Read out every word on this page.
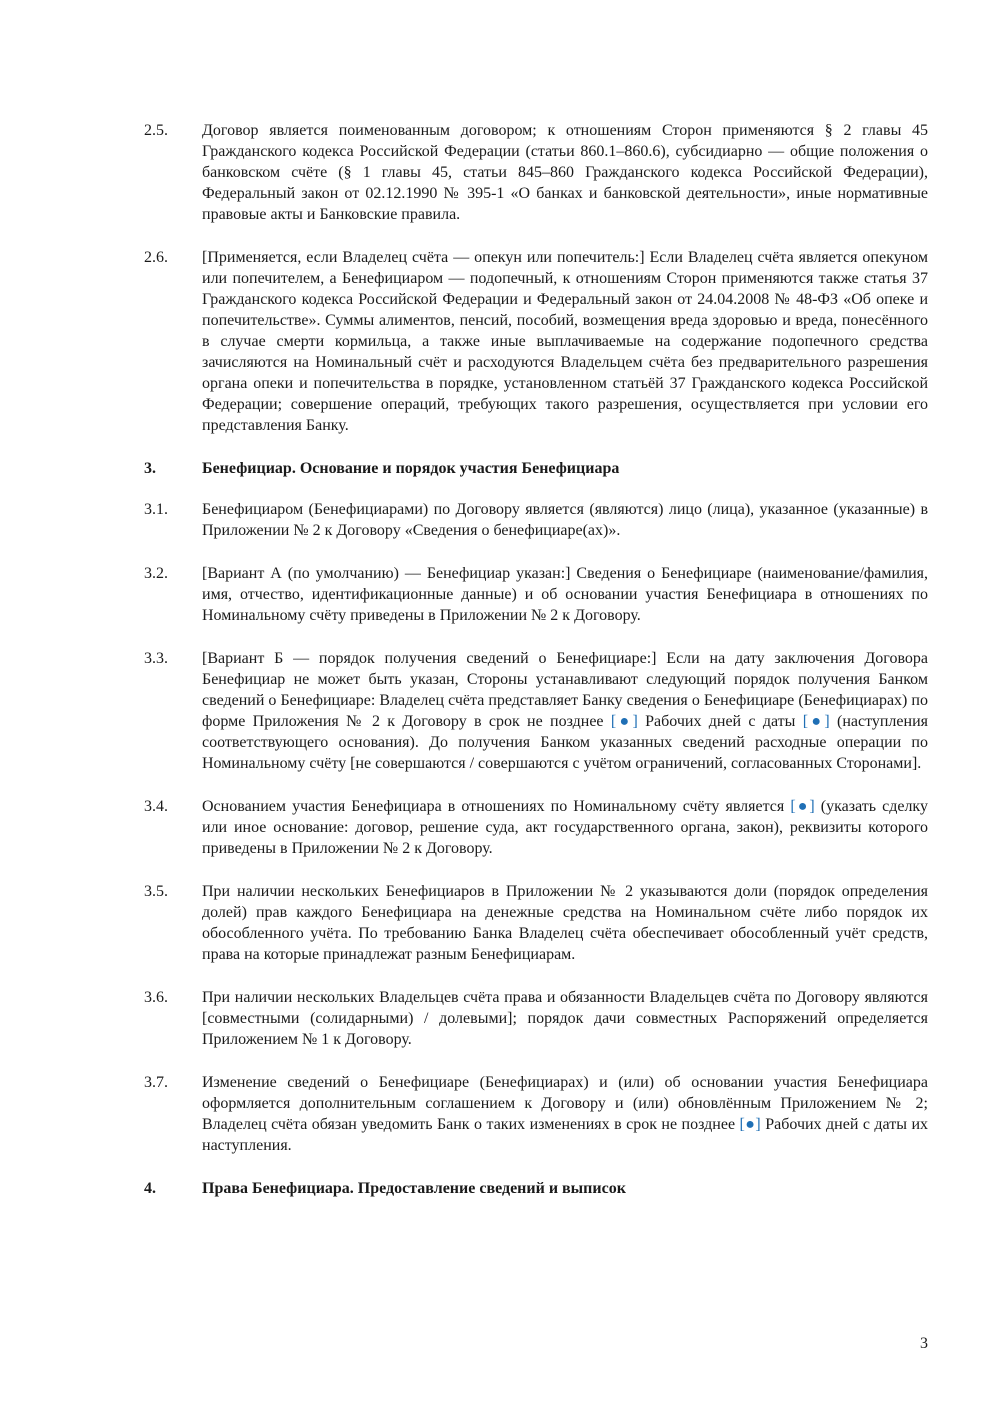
2.5.	Договор является поименованным договором; к отношениям Сторон применяются § 2 главы 45 Гражданского кодекса Российской Федерации (статьи 860.1–860.6), субсидиарно — общие положения о банковском счёте (§ 1 главы 45, статьи 845–860 Гражданского кодекса Российской Федерации), Федеральный закон от 02.12.1990 № 395-1 «О банках и банковской деятельности», иные нормативные правовые акты и Банковские правила.
2.6.	[Применяется, если Владелец счёта — опекун или попечитель:] Если Владелец счёта является опекуном или попечителем, а Бенефициаром — подопечный, к отношениям Сторон применяются также статья 37 Гражданского кодекса Российской Федерации и Федеральный закон от 24.04.2008 № 48-ФЗ «Об опеке и попечительстве». Суммы алиментов, пенсий, пособий, возмещения вреда здоровью и вреда, понесённого в случае смерти кормильца, а также иные выплачиваемые на содержание подопечного средства зачисляются на Номинальный счёт и расходуются Владельцем счёта без предварительного разрешения органа опеки и попечительства в порядке, установленном статьёй 37 Гражданского кодекса Российской Федерации; совершение операций, требующих такого разрешения, осуществляется при условии его представления Банку.
3.	Бенефициар. Основание и порядок участия Бенефициара
3.1.	Бенефициаром (Бенефициарами) по Договору является (являются) лицо (лица), указанное (указанные) в Приложении № 2 к Договору «Сведения о бенефициаре(ах)».
3.2.	[Вариант А (по умолчанию) — Бенефициар указан:] Сведения о Бенефициаре (наименование/фамилия, имя, отчество, идентификационные данные) и об основании участия Бенефициара в отношениях по Номинальному счёту приведены в Приложении № 2 к Договору.
3.3.	[Вариант Б — порядок получения сведений о Бенефициаре:] Если на дату заключения Договора Бенефициар не может быть указан, Стороны устанавливают следующий порядок получения Банком сведений о Бенефициаре: Владелец счёта представляет Банку сведения о Бенефициаре (Бенефициарах) по форме Приложения № 2 к Договору в срок не позднее [●] Рабочих дней с даты [●] (наступления соответствующего основания). До получения Банком указанных сведений расходные операции по Номинальному счёту [не совершаются / совершаются с учётом ограничений, согласованных Сторонами].
3.4.	Основанием участия Бенефициара в отношениях по Номинальному счёту является [●] (указать сделку или иное основание: договор, решение суда, акт государственного органа, закон), реквизиты которого приведены в Приложении № 2 к Договору.
3.5.	При наличии нескольких Бенефициаров в Приложении № 2 указываются доли (порядок определения долей) прав каждого Бенефициара на денежные средства на Номинальном счёте либо порядок их обособленного учёта. По требованию Банка Владелец счёта обеспечивает обособленный учёт средств, права на которые принадлежат разным Бенефициарам.
3.6.	При наличии нескольких Владельцев счёта права и обязанности Владельцев счёта по Договору являются [совместными (солидарными) / долевыми]; порядок дачи совместных Распоряжений определяется Приложением № 1 к Договору.
3.7.	Изменение сведений о Бенефициаре (Бенефициарах) и (или) об основании участия Бенефициара оформляется дополнительным соглашением к Договору и (или) обновлённым Приложением № 2; Владелец счёта обязан уведомить Банк о таких изменениях в срок не позднее [●] Рабочих дней с даты их наступления.
4.	Права Бенефициара. Предоставление сведений и выписок
3
